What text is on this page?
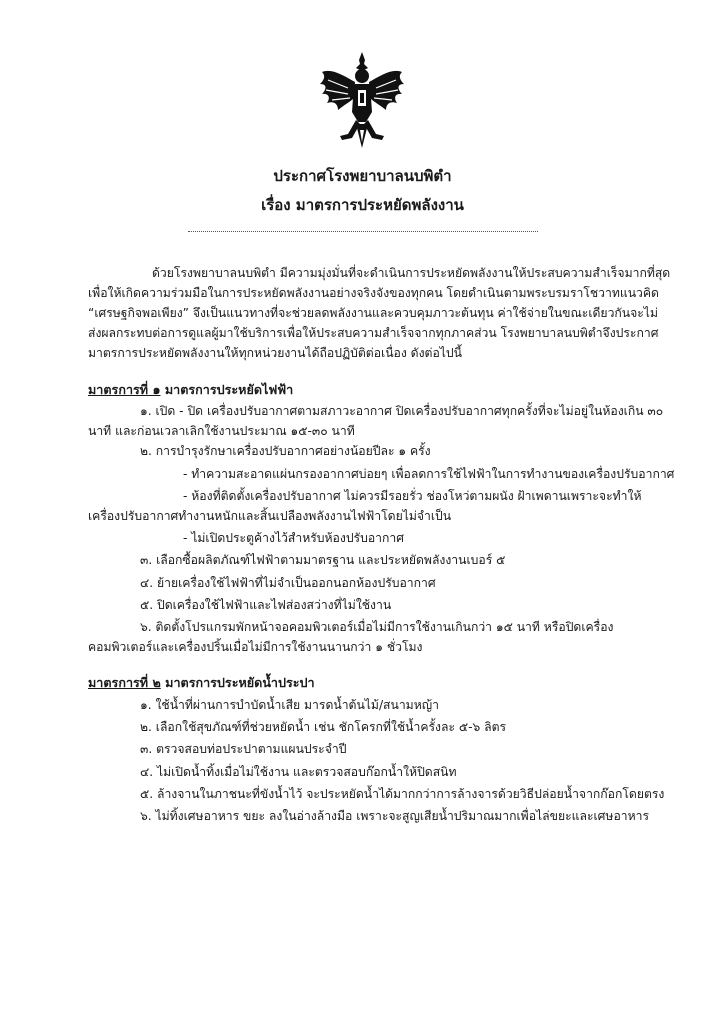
ประกาศโรงพยาบาลนบพิตำ
เรื่อง มาตรการประหยัดพลังงาน
ด้วยโรงพยาบาลนบพิตำ มีความมุ่งมั่นที่จะดำเนินการประหยัดพลังงานให้ประสบความสำเร็จมากที่สุด
เพื่อให้เกิดความร่วมมือในการประหยัดพลังงานอย่างจริงจังของทุกคน โดยดำเนินตามพระบรมราโชวาทแนวคิด
“เศรษฐกิจพอเพียง” จึงเป็นแนวทางที่จะช่วยลดพลังงานและควบคุมภาวะต้นทุน ค่าใช้จ่ายในขณะเดียวกันจะไม่
ส่งผลกระทบต่อการดูแลผู้มาใช้บริการเพื่อให้ประสบความสำเร็จจากทุกภาคส่วน โรงพยาบาลนบพิตำจึงประกาศ
มาตรการประหยัดพลังงานให้ทุกหน่วยงานได้ถือปฏิบัติต่อเนื่อง ดังต่อไปนี้
มาตรการที่ ๑ มาตรการประหยัดไฟฟ้า
๑. เปิด - ปิด เครื่องปรับอากาศตามสภาวะอากาศ ปิดเครื่องปรับอากาศทุกครั้งที่จะไม่อยู่ในห้องเกิน ๓๐
นาที และก่อนเวลาเลิกใช้งานประมาณ ๑๕-๓๐ นาที
๒. การบำรุงรักษาเครื่องปรับอากาศอย่างน้อยปีละ ๑ ครั้ง
- ทำความสะอาดแผ่นกรองอากาศบ่อยๆ เพื่อลดการใช้ไฟฟ้าในการทำงานของเครื่องปรับอากาศ
- ห้องที่ติดตั้งเครื่องปรับอากาศ ไม่ควรมีรอยรั่ว ช่องโหว่ตามผนัง ฝ้าเพดานเพราะจะทำให้
เครื่องปรับอากาศทำงานหนักและสิ้นเปลืองพลังงานไฟฟ้าโดยไม่จำเป็น
- ไม่เปิดประตูค้างไว้สำหรับห้องปรับอากาศ
๓. เลือกซื้อผลิตภัณฑ์ไฟฟ้าตามมาตรฐาน และประหยัดพลังงานเบอร์ ๕
๔. ย้ายเครื่องใช้ไฟฟ้าที่ไม่จำเป็นออกนอกห้องปรับอากาศ
๕. ปิดเครื่องใช้ไฟฟ้าและไฟส่องสว่างที่ไม่ใช้งาน
๖. ติดตั้งโปรแกรมพักหน้าจอคอมพิวเตอร์เมื่อไม่มีการใช้งานเกินกว่า ๑๕ นาที หรือปิดเครื่อง
คอมพิวเตอร์และเครื่องปริ้นเมื่อไม่มีการใช้งานนานกว่า ๑ ชั่วโมง
มาตรการที่ ๒ มาตรการประหยัดน้ำประปา
๑. ใช้น้ำที่ผ่านการบำบัดน้ำเสีย มารดน้ำต้นไม้/สนามหญ้า
๒. เลือกใช้สุขภัณฑ์ที่ช่วยหยัดน้ำ เช่น ชักโครกที่ใช้น้ำครั้งละ ๕-๖ ลิตร
๓. ตรวจสอบท่อประปาตามแผนประจำปี
๔. ไม่เปิดน้ำทิ้งเมื่อไม่ใช้งาน และตรวจสอบก๊อกน้ำให้ปิดสนิท
๕. ล้างจานในภาชนะที่ขังน้ำไว้ จะประหยัดน้ำได้มากกว่าการล้างจารด้วยวิธีปล่อยน้ำจากก๊อกโดยตรง
๖. ไม่ทิ้งเศษอาหาร ขยะ ลงในอ่างล้างมือ เพราะจะสูญเสียน้ำปริมาณมากเพื่อไล่ขยะและเศษอาหาร
